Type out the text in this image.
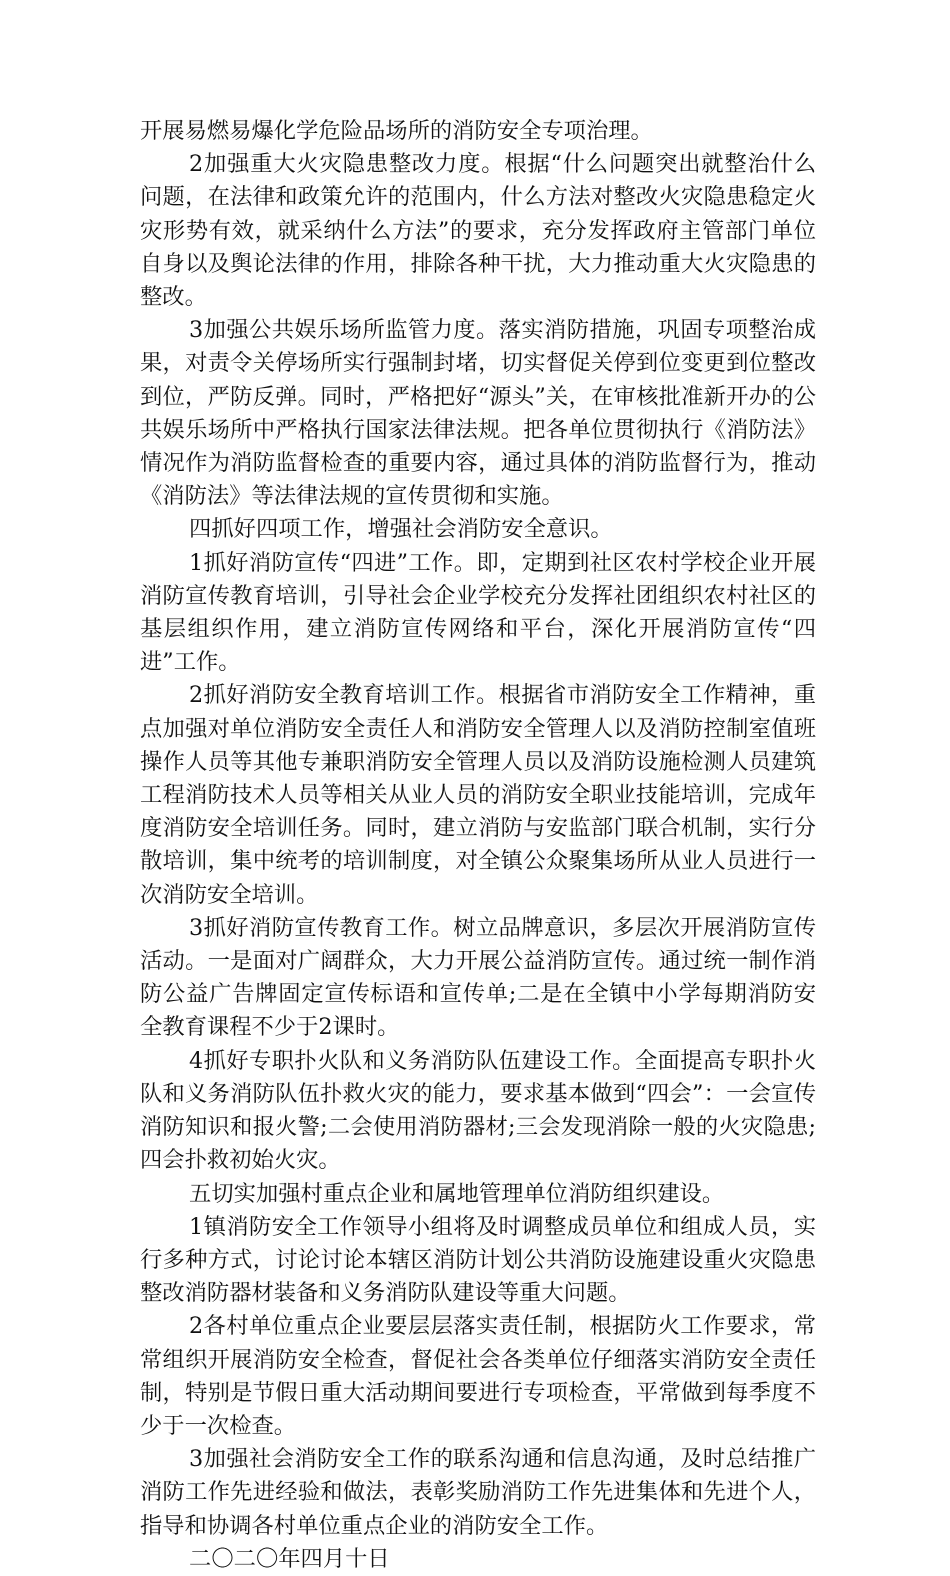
开展易燃易爆化学危险品场所的消防安全专项治理。

2加强重大火灾隐患整改力度。根据“什么问题突出就整治什么问题，在法律和政策允许的范围内，什么方法对整改火灾隐患稳定火灾形势有效，就采纳什么方法”的要求，充分发挥政府主管部门单位自身以及舆论法律的作用，排除各种干扰，大力推动重大火灾隐患的整改。

3加强公共娱乐场所监管力度。落实消防措施，巩固专项整治成果，对责令关停场所实行强制封堵，切实督促关停到位变更到位整改到位，严防反弹。同时，严格把好“源头”关，在审核批准新开办的公共娱乐场所中严格执行国家法律法规。把各单位贯彻执行《消防法》情况作为消防监督检查的重要内容，通过具体的消防监督行为，推动《消防法》等法律法规的宣传贯彻和实施。

四抓好四项工作，增强社会消防安全意识。

1抓好消防宣传“四进”工作。即，定期到社区农村学校企业开展消防宣传教育培训，引导社会企业学校充分发挥社团组织农村社区的基层组织作用，建立消防宣传网络和平台，深化开展消防宣传“四进”工作。

2抓好消防安全教育培训工作。根据省市消防安全工作精神，重点加强对单位消防安全责任人和消防安全管理人以及消防控制室值班操作人员等其他专兼职消防安全管理人员以及消防设施检测人员建筑工程消防技术人员等相关从业人员的消防安全职业技能培训，完成年度消防安全培训任务。同时，建立消防与安监部门联合机制，实行分散培训，集中统考的培训制度，对全镇公众聚集场所从业人员进行一次消防安全培训。

3抓好消防宣传教育工作。树立品牌意识，多层次开展消防宣传活动。一是面对广阔群众，大力开展公益消防宣传。通过统一制作消防公益广告牌固定宣传标语和宣传单;二是在全镇中小学每期消防安全教育课程不少于2课时。

4抓好专职扑火队和义务消防队伍建设工作。全面提高专职扑火队和义务消防队伍扑救火灾的能力，要求基本做到“四会”：一会宣传消防知识和报火警;二会使用消防器材;三会发现消除一般的火灾隐患;四会扑救初始火灾。

五切实加强村重点企业和属地管理单位消防组织建设。

1镇消防安全工作领导小组将及时调整成员单位和组成人员，实行多种方式，讨论讨论本辖区消防计划公共消防设施建设重火灾隐患整改消防器材装备和义务消防队建设等重大问题。

2各村单位重点企业要层层落实责任制，根据防火工作要求，常常组织开展消防安全检查，督促社会各类单位仔细落实消防安全责任制，特别是节假日重大活动期间要进行专项检查，平常做到每季度不少于一次检查。

3加强社会消防安全工作的联系沟通和信息沟通，及时总结推广消防工作先进经验和做法，表彰奖励消防工作先进集体和先进个人，指导和协调各村单位重点企业的消防安全工作。

二〇二〇年四月十日
